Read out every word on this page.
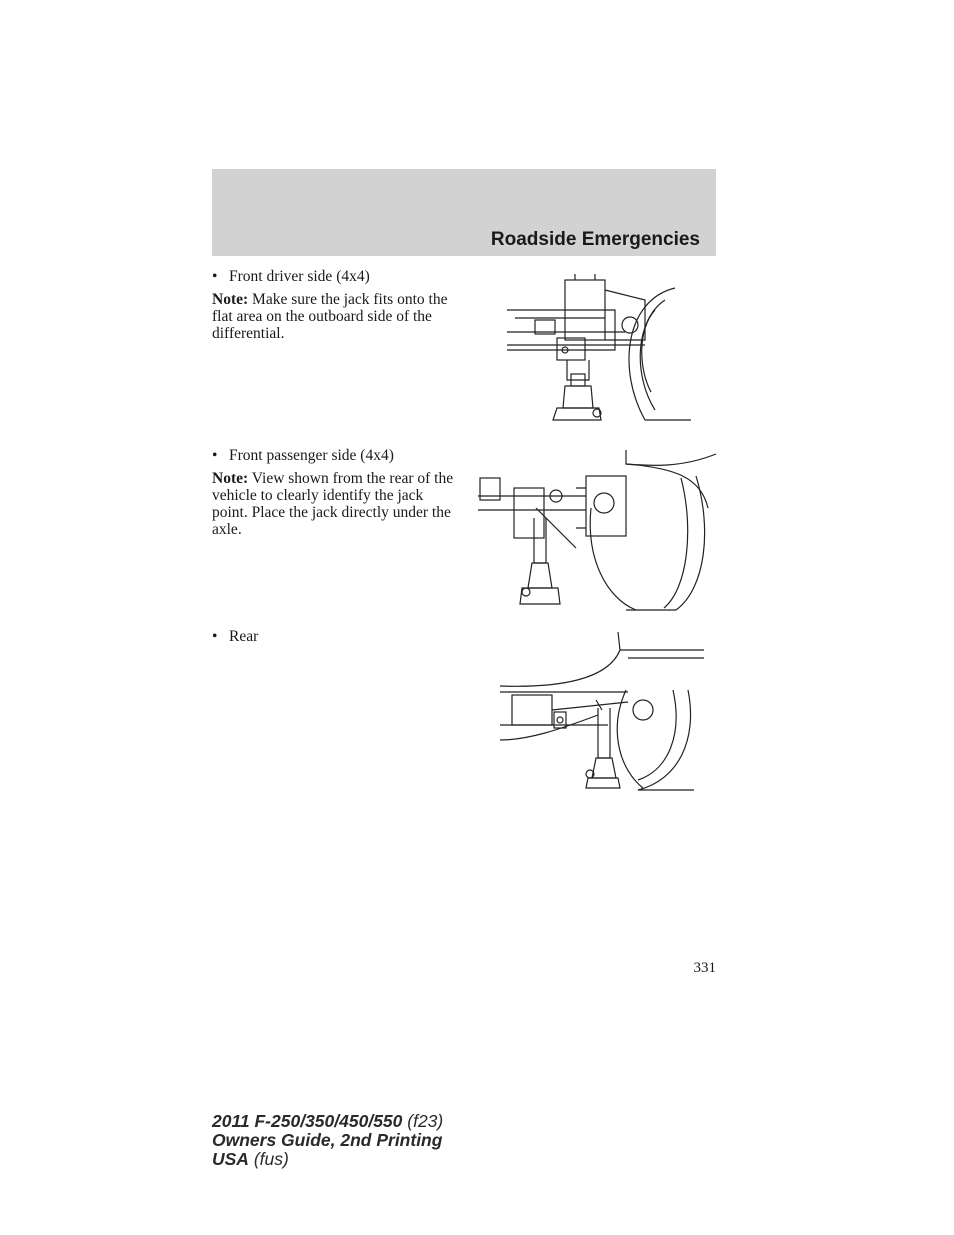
Roadside Emergencies

• Front driver side (4x4)

Note: Make sure the jack fits onto the flat area on the outboard side of the differential.

• Front passenger side (4x4)

Note: View shown from the rear of the vehicle to clearly identify the jack point. Place the jack directly under the axle.

• Rear

331
2011 F-250/350/450/550 (f23)
Owners Guide, 2nd Printing
USA (fus)
